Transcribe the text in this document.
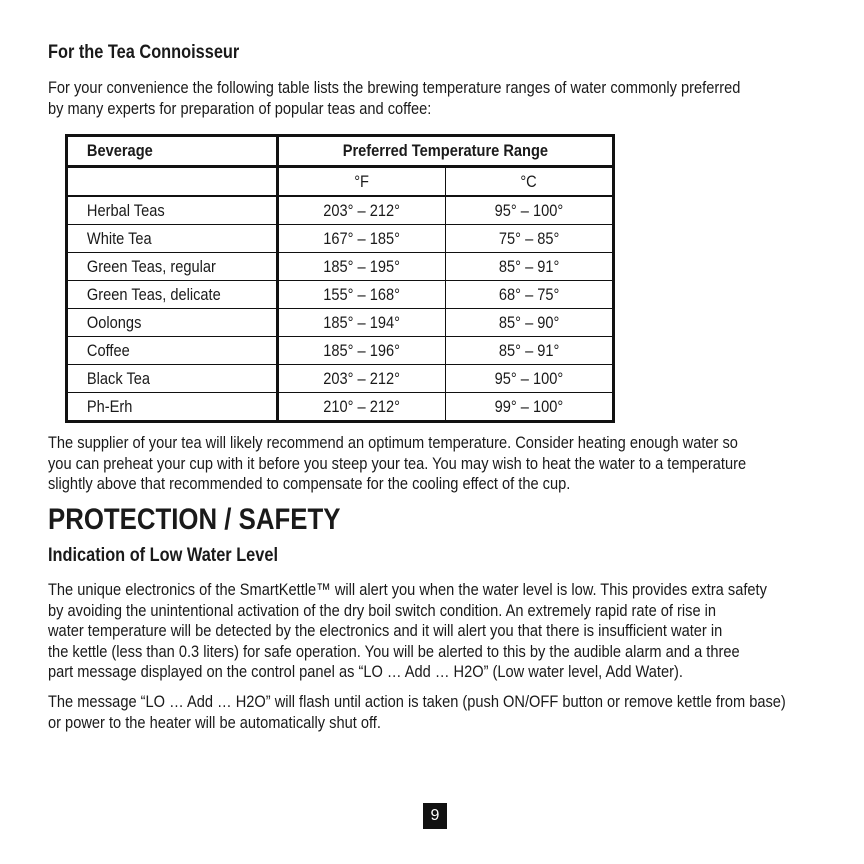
For the Tea Connoisseur
For your convenience the following table lists the brewing temperature ranges of water commonly preferred
by many experts for preparation of popular teas and coffee:
Beverage	Preferred Temperature Range	
	°F	°C
Herbal Teas	203° – 212°	95° – 100°
White Tea	167° – 185°	75° – 85°
Green Teas, regular	185° – 195°	85° – 91°
Green Teas, delicate	155° – 168°	68° – 75°
Oolongs	185° – 194°	85° – 90°
Coffee	185° – 196°	85° – 91°
Black Tea	203° – 212°	95° – 100°
Ph-Erh	210° – 212°	99° – 100°
The supplier of your tea will likely recommend an optimum temperature. Consider heating enough water so
you can preheat your cup with it before you steep your tea. You may wish to heat the water to a temperature
slightly above that recommended to compensate for the cooling effect of the cup.
PROTECTION / SAFETY
Indication of Low Water Level
The unique electronics of the SmartKettle™ will alert you when the water level is low. This provides extra safety
by avoiding the unintentional activation of the dry boil switch condition. An extremely rapid rate of rise in
water temperature will be detected by the electronics and it will alert you that there is insufficient water in
the kettle (less than 0.3 liters) for safe operation. You will be alerted to this by the audible alarm and a three
part message displayed on the control panel as “LO … Add … H2O” (Low water level, Add Water).
The message “LO … Add … H2O” will flash until action is taken (push ON/OFF button or remove kettle from base)
or power to the heater will be automatically shut off.
9
